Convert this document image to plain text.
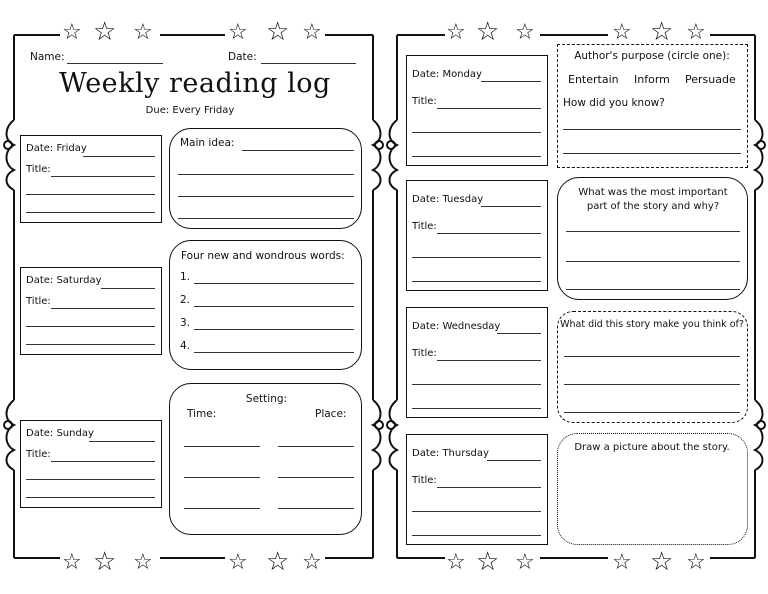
☆ ☆ ☆	☆ ☆ ☆	☆ ☆ ☆	☆ ☆ ☆
☆ ☆ ☆	☆ ☆ ☆	☆ ☆ ☆	☆ ☆ ☆
Name:	Date:
Weekly reading log
Due: Every Friday
Date: Friday
Title:
Date: Saturday
Title:
Date: Sunday
Title:
Main idea:
Four new and wondrous words:
1.
2.
3.
4.
Setting:
Time:	Place:
Date: Monday
Title:
Date: Tuesday
Title:
Date: Wednesday
Title:
Date: Thursday
Title:
Author's purpose (circle one):
Entertain Inform Persuade
How did you know?
What was the most important part of the story and why?
What did this story make you think of?
Draw a picture about the story.
